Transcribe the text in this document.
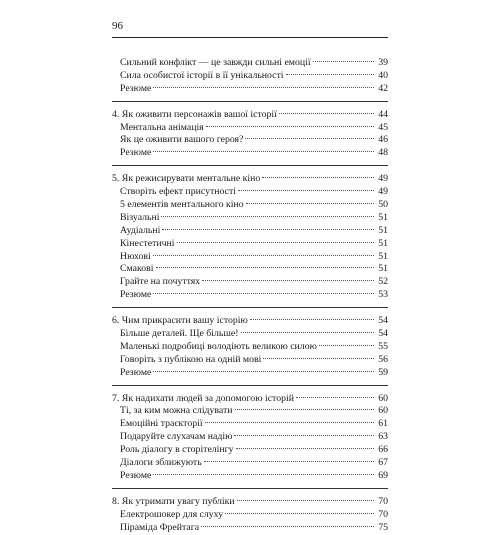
96
Сильний конфлікт — це завжди сильні емоції	39
Сила особистої історії в її унікальності	40
Резюме	42
4. Як оживити персонажів вашої історії	44
Ментальна анімація	45
Як це оживити вашого героя?	46
Резюме	48
5. Як режисирувати ментальне кіно	49
Створіть ефект присутності	49
5 елементів ментального кіно	50
Візуальні	51
Аудіальні	51
Кінестетичні	51
Нюхові	51
Смакові	51
Грайте на почуттях	52
Резюме	53
6. Чим прикрасити вашу історію	54
Більше деталей. Ще більше!	54
Маленькі подробиці володіють великою силою	55
Говоріть з публікою на одній мові	56
Резюме	59
7. Як надихати людей за допомогою історій	60
Ті, за ким можна слідувати	60
Емоційні траєкторії	61
Подаруйте слухачам надію	63
Роль діалогу в сторітелінгу	66
Діалоги зближують	67
Резюме	69
8. Як утримати увагу публіки	70
Електрошокер для слуху	70
Піраміда Фрейтага	75
